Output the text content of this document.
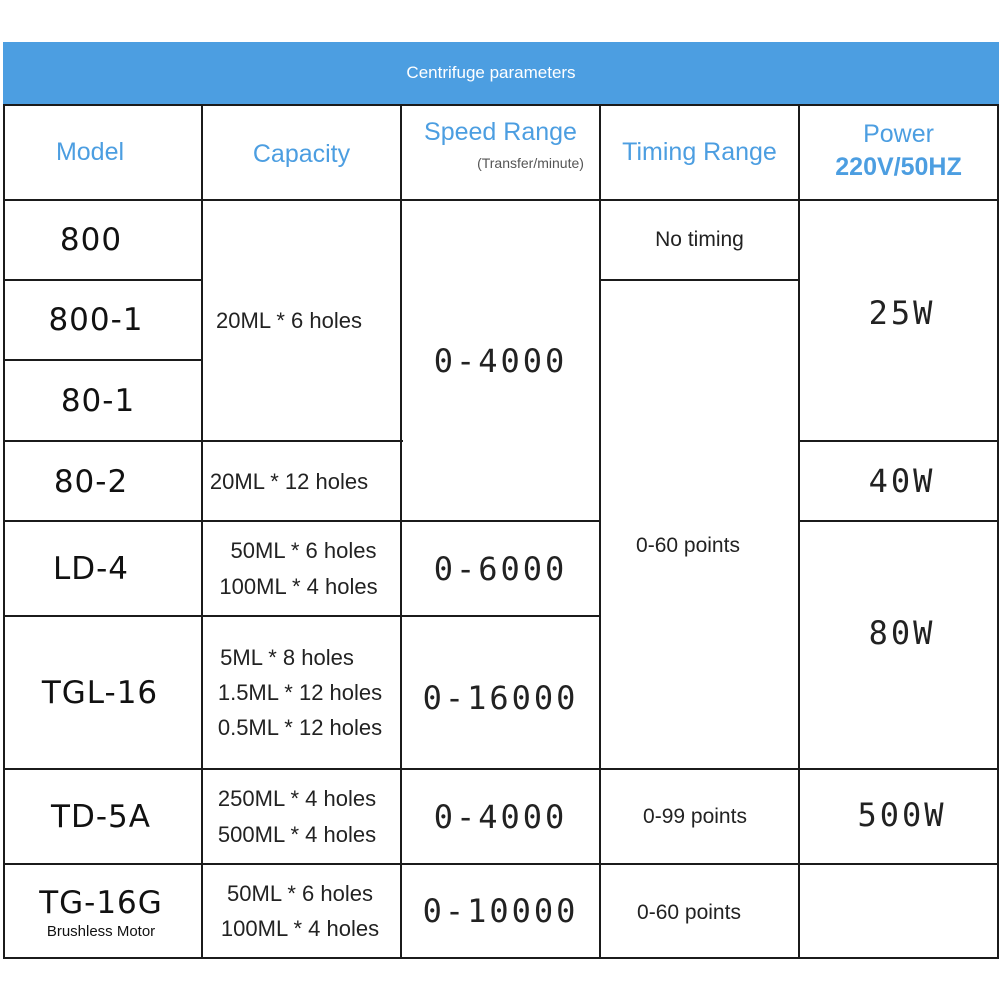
Centrifuge parameters
Model	Capacity
Speed Range
(Transfer/minute) Timing Range
Power
220V/50HZ
800
800-1
80-1
80-2
LD-4
TGL-16
TD-5A
TG-16G
Brushless Motor
20ML * 6 holes
20ML * 12 holes
50ML * 6 holes
100ML * 4 holes
5ML * 8 holes
1.5ML * 12 holes
0.5ML * 12 holes
250ML * 4 holes
500ML * 4 holes
50ML * 6 holes
100ML * 4 holes
0-4000
0-6000
0-16000
0-4000
0-10000
No timing
0-60 points
0-99 points
0-60 points
25W
40W
80W
500W
